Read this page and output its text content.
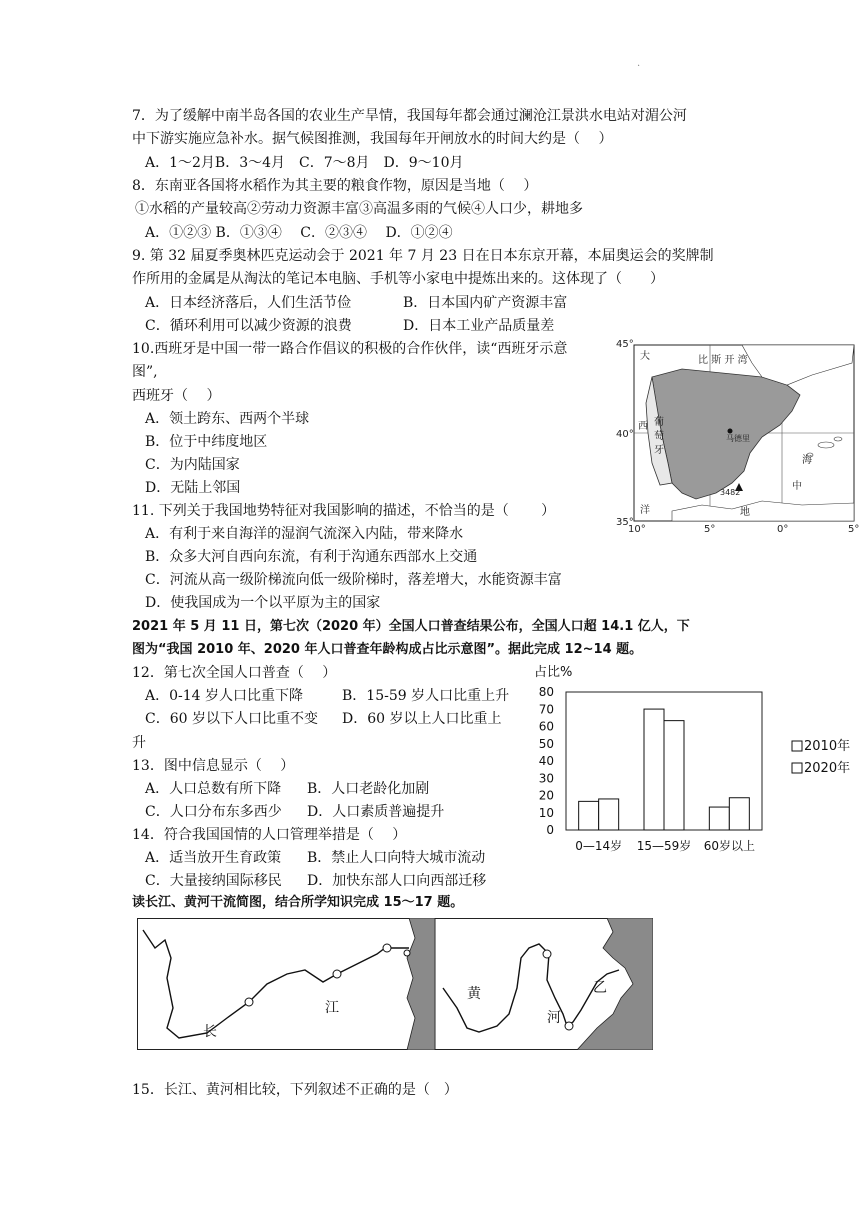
.
7．为了缓解中南半岛各国的农业生产旱情，我国每年都会通过澜沧江景洪水电站对湄公河
中下游实施应急补水。据气候图推测，我国每年开闸放水的时间大约是（　 ）
A．1～2月B．3～4月　C．7～8月　D．9～10月
8．东南亚各国将水稻作为其主要的粮食作物，原因是当地（　 ）
①水稻的产量较高②劳动力资源丰富③高温多雨的气候④人口少，耕地多
A．①②③ B．①③④　 C．②③④　 D．①②④
9. 第 32 届夏季奥林匹克运动会于 2021 年 7 月 23 日在日本东京开幕，本届奥运会的奖牌制
作所用的金属是从淘汰的笔记本电脑、手机等小家电中提炼出来的。这体现了（　　）
A．日本经济落后，人们生活节俭	B．日本国内矿产资源丰富
C．循环利用可以减少资源的浪费	D．日本工业产品质量差
10.西班牙是中国一带一路合作倡议的积极的合作伙伴，读“西班牙示意
图”,
西班牙（　 ）
A．领土跨东、西两个半球
B．位于中纬度地区
C．为内陆国家
D．无陆上邻国
45°
40°
35°
10°	5°	0°	5°
大	比 斯 开 湾
西 葡
萄
牙
洋
马德里
3482
海
中
地
11. 下列关于我国地势特征对我国影响的描述，不恰当的是（　　 ）
A．有利于来自海洋的湿润气流深入内陆，带来降水
B．众多大河自西向东流，有利于沟通东西部水上交通
C．河流从高一级阶梯流向低一级阶梯时，落差增大，水能资源丰富
D．使我国成为一个以平原为主的国家
2021 年 5 月 11 日，第七次（2020 年）全国人口普查结果公布，全国人口超 14.1 亿人，下
图为“我国 2010 年、2020 年人口普查年龄构成占比示意图”。据此完成 12~14 题。
12．第七次全国人口普查（　 ）
A．0-14 岁人口比重下降	B．15-59 岁人口比重上升
C．60 岁以下人口比重不变 D．60 岁以上人口比重上
升
13．图中信息显示（　 ）
A．人口总数有所下降 B．人口老龄化加剧
C．人口分布东多西少 D．人口素质普遍提升
14．符合我国国情的人口管理举措是（　 ）
A．适当放开生育政策 B．禁止人口向特大城市流动
C．大量接纳国际移民 D．加快东部人口向西部迁移
占比%
0
10
20
30
40
50
60
70
80
0—14岁 15—59岁 60岁以上
2010年
2020年
读长江、黄河干流简图，结合所学知识完成 15～17 题。
长
江
黄
河
乙
15．长江、黄河相比较，下列叙述不正确的是（　）
